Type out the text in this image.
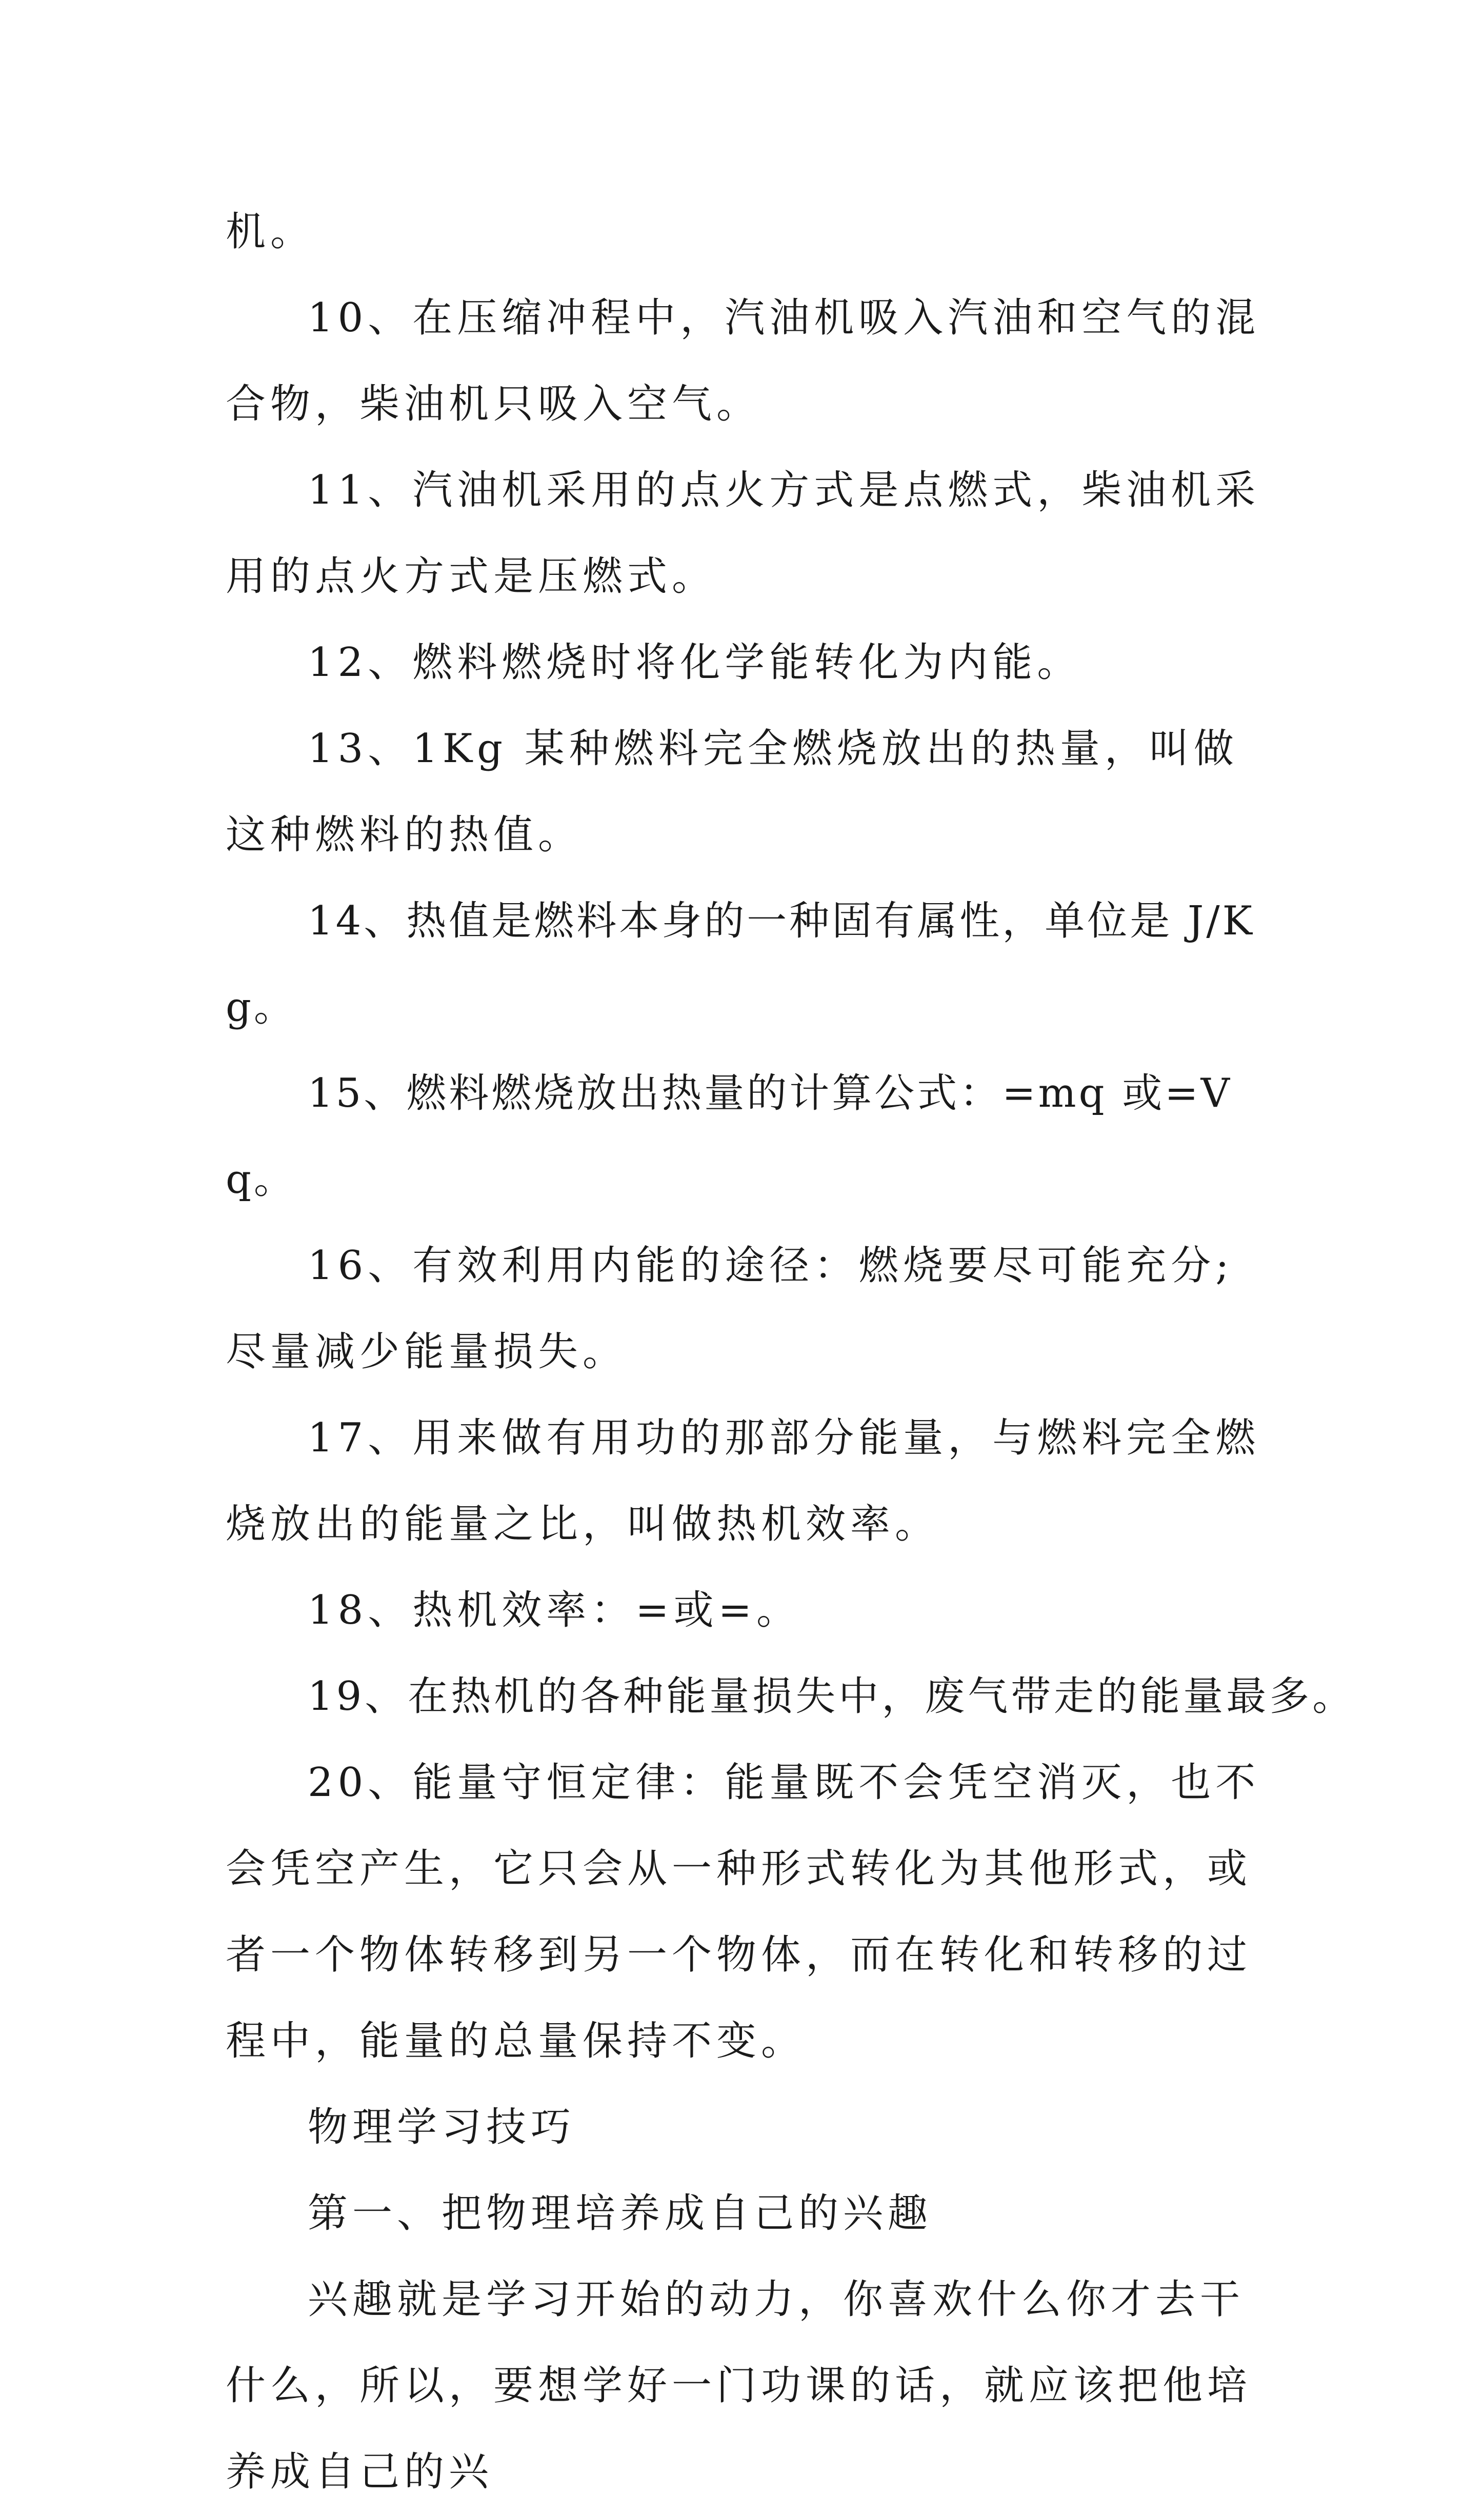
机。

10、在压缩冲程中，汽油机吸入汽油和空气的混合物，柴油机只吸入空气。

11、汽油机采用的点火方式是点燃式，柴油机采用的点火方式是压燃式。

12、燃料燃烧时将化学能转化为内能。

13、1Kg 某种燃料完全燃烧放出的热量，叫做这种燃料的热值。

14、热值是燃料本身的一种固有属性，单位是 J/Kg。

15、燃料燃烧放出热量的计算公式：=mq 或=Vq。

16、有效利用内能的途径：燃烧要尽可能充分;尽量减少能量损失。

17、用来做有用功的那部分能量，与燃料完全燃烧放出的能量之比，叫做热机效率。

18、热机效率：=或=。

19、在热机的各种能量损失中，废气带走的能量最多。

20、能量守恒定律：能量既不会凭空消灭，也不会凭空产生，它只会从一种形式转化为其他形式，或者一个物体转移到另一个物体，而在转化和转移的过程中，能量的总量保持不变。

物理学习技巧

第一、把物理培养成自己的兴趣

兴趣就是学习开始的动力，你喜欢什么你才去干什么，所以，要想学好一门功课的话，就应该把他培养成自己的兴
